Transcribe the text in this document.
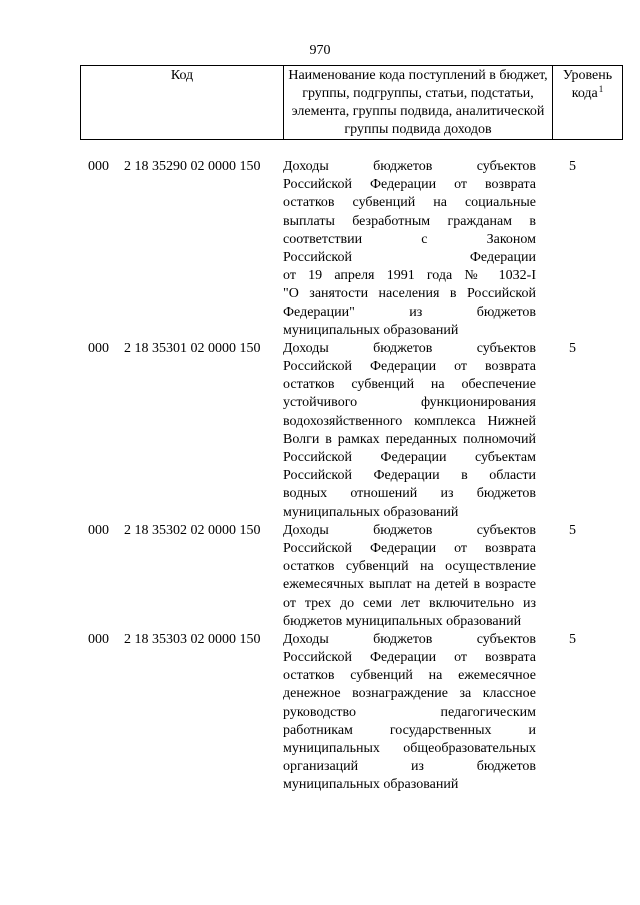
970
Код	Наименование кода поступлений в бюджет, группы, подгруппы, статьи, подстатьи, элемента, группы подвида, аналитической группы подвида доходов	Уровень кода$^1$
000 2 18 35290 02 0000 150 Доходы бюджетов субъектов
Российской Федерации от возврата
остатков субвенций на социальные
выплаты безработным гражданам в
соответствии с Законом
Российской Федерации
от 19 апреля 1991 года № 1032-I
"О занятости населения в Российской
Федерации" из бюджетов
муниципальных образований
5
000 2 18 35301 02 0000 150 Доходы бюджетов субъектов
Российской Федерации от возврата
остатков субвенций на обеспечение
устойчивого функционирования
водохозяйственного комплекса Нижней
Волги в рамках переданных полномочий
Российской Федерации субъектам
Российской Федерации в области
водных отношений из бюджетов
муниципальных образований
5
000 2 18 35302 02 0000 150 Доходы бюджетов субъектов
Российской Федерации от возврата
остатков субвенций на осуществление
ежемесячных выплат на детей в возрасте
от трех до семи лет включительно из
бюджетов муниципальных образований
5
000 2 18 35303 02 0000 150 Доходы бюджетов субъектов
Российской Федерации от возврата
остатков субвенций на ежемесячное
денежное вознаграждение за классное
руководство педагогическим
работникам государственных и
муниципальных общеобразовательных
организаций из бюджетов
муниципальных образований
5
